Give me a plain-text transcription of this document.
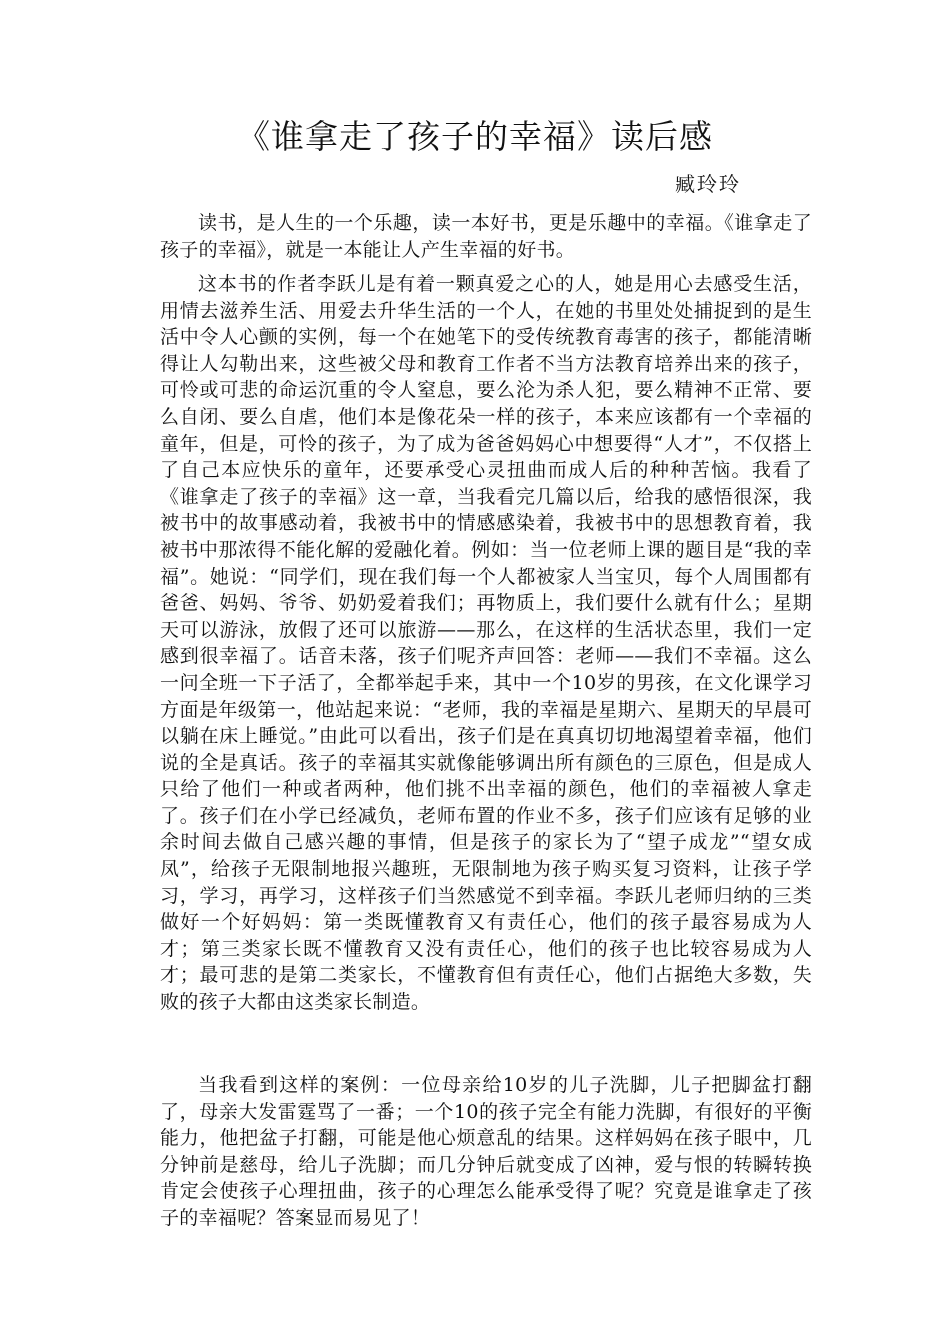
《谁拿走了孩子的幸福》读后感
臧玲玲

读书，是人生的一个乐趣，读一本好书，更是乐趣中的幸福。《谁拿走了孩子的幸福》，就是一本能让人产生幸福的好书。

这本书的作者李跃儿是有着一颗真爱之心的人，她是用心去感受生活，用情去滋养生活、用爱去升华生活的一个人，在她的书里处处捕捉到的是生活中令人心颤的实例，每一个在她笔下的受传统教育毒害的孩子，都能清晰得让人勾勒出来，这些被父母和教育工作者不当方法教育培养出来的孩子，可怜或可悲的命运沉重的令人窒息，要么沦为杀人犯，要么精神不正常、要么自闭、要么自虐，他们本是像花朵一样的孩子，本来应该都有一个幸福的童年，但是，可怜的孩子，为了成为爸爸妈妈心中想要得“人才”，不仅搭上了自己本应快乐的童年，还要承受心灵扭曲而成人后的种种苦恼。我看了《谁拿走了孩子的幸福》这一章，当我看完几篇以后，给我的感悟很深，我被书中的故事感动着，我被书中的情感感染着，我被书中的思想教育着，我被书中那浓得不能化解的爱融化着。例如：当一位老师上课的题目是“我的幸福”。她说：“同学们，现在我们每一个人都被家人当宝贝，每个人周围都有爸爸、妈妈、爷爷、奶奶爱着我们；再物质上，我们要什么就有什么；星期天可以游泳，放假了还可以旅游——那么，在这样的生活状态里，我们一定感到很幸福了。话音未落，孩子们呢齐声回答：老师——我们不幸福。这么一问全班一下子活了，全都举起手来，其中一个10岁的男孩，在文化课学习方面是年级第一，他站起来说：“老师，我的幸福是星期六、星期天的早晨可以躺在床上睡觉。”由此可以看出，孩子们是在真真切切地渴望着幸福，他们说的全是真话。孩子的幸福其实就像能够调出所有颜色的三原色，但是成人只给了他们一种或者两种，他们挑不出幸福的颜色，他们的幸福被人拿走了。孩子们在小学已经减负，老师布置的作业不多，孩子们应该有足够的业余时间去做自己感兴趣的事情，但是孩子的家长为了“望子成龙”“望女成凤”，给孩子无限制地报兴趣班，无限制地为孩子购买复习资料，让孩子学习，学习，再学习，这样孩子们当然感觉不到幸福。李跃儿老师归纳的三类做好一个好妈妈：第一类既懂教育又有责任心，他们的孩子最容易成为人才；第三类家长既不懂教育又没有责任心，他们的孩子也比较容易成为人才；最可悲的是第二类家长，不懂教育但有责任心，他们占据绝大多数，失败的孩子大都由这类家长制造。

当我看到这样的案例：一位母亲给10岁的儿子洗脚，儿子把脚盆打翻了，母亲大发雷霆骂了一番；一个10的孩子完全有能力洗脚，有很好的平衡能力，他把盆子打翻，可能是他心烦意乱的结果。这样妈妈在孩子眼中，几分钟前是慈母，给儿子洗脚；而几分钟后就变成了凶神，爱与恨的转瞬转换肯定会使孩子心理扭曲，孩子的心理怎么能承受得了呢？究竟是谁拿走了孩子的幸福呢？答案显而易见了！
